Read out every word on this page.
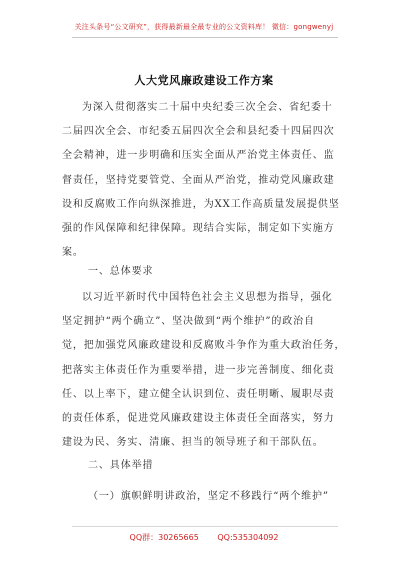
关注头条号“公文研究”，获得最新最全最专业的公文资料库！ 微信：gongwenyj
人大党风廉政建设工作方案
为深入贯彻落实二十届中央纪委三次全会、省纪委十
二届四次全会、市纪委五届四次全会和县纪委十四届四次
全会精神，进一步明确和压实全面从严治党主体责任、监
督责任，坚持党要管党、全面从严治党，推动党风廉政建
设和反腐败工作向纵深推进，为XX工作高质量发展提供坚
强的作风保障和纪律保障。现结合实际，制定如下实施方
案。
一、总体要求
以习近平新时代中国特色社会主义思想为指导，强化
坚定拥护“两个确立”、坚决做到“两个维护”的政治自
觉，把加强党风廉政建设和反腐败斗争作为重大政治任务，
把落实主体责任作为重要举措，进一步完善制度、细化责
任、以上率下，建立健全认识到位、责任明晰、履职尽责
的责任体系，促进党风廉政建设主体责任全面落实，努力
建设为民、务实、清廉、担当的领导班子和干部队伍。
二、具体举措
（一）旗帜鲜明讲政治，坚定不移践行“两个维护”
QQ群：30265665 QQ:535304092
